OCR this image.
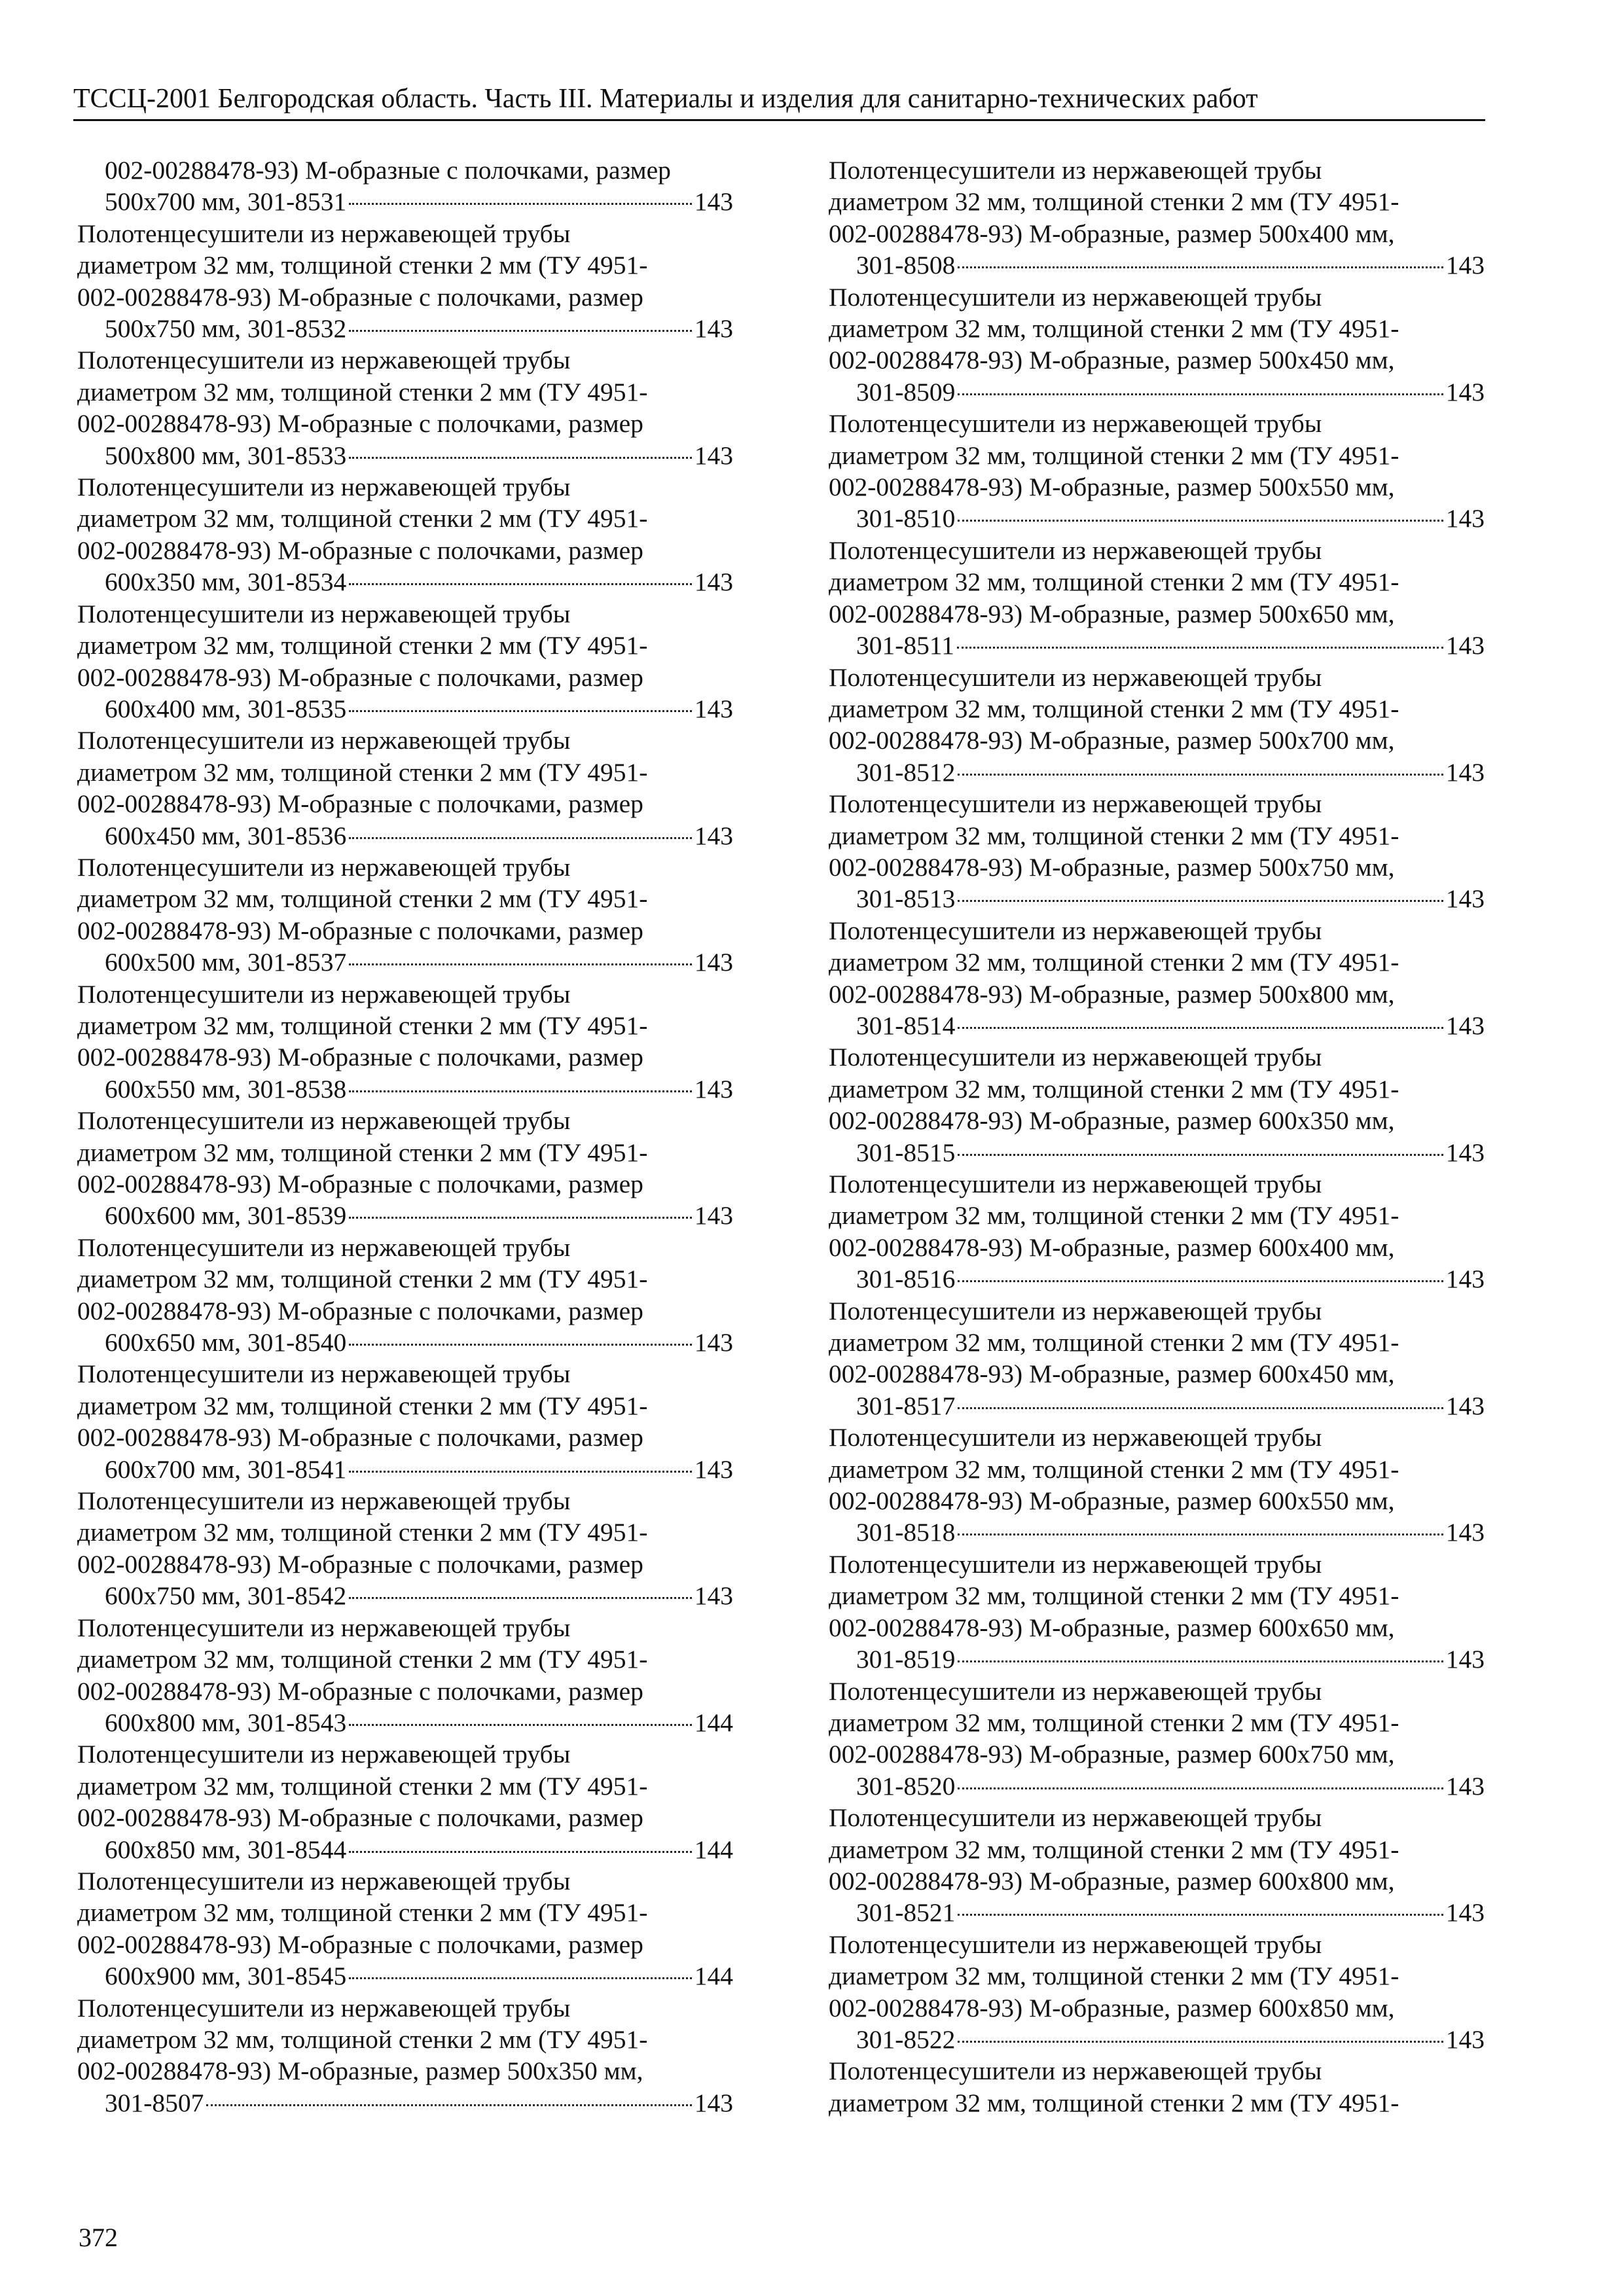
ТССЦ-2001 Белгородская область. Часть III. Материалы и изделия для санитарно-технических работ
002-00288478-93) М-образные с полочками, размер
500х700 мм, 301-8531	143
Полотенцесушители из нержавеющей трубы
диаметром 32 мм, толщиной стенки 2 мм (ТУ 4951-
002-00288478-93) М-образные с полочками, размер
500х750 мм, 301-8532	143
Полотенцесушители из нержавеющей трубы
диаметром 32 мм, толщиной стенки 2 мм (ТУ 4951-
002-00288478-93) М-образные с полочками, размер
500х800 мм, 301-8533	143
Полотенцесушители из нержавеющей трубы
диаметром 32 мм, толщиной стенки 2 мм (ТУ 4951-
002-00288478-93) М-образные с полочками, размер
600х350 мм, 301-8534	143
Полотенцесушители из нержавеющей трубы
диаметром 32 мм, толщиной стенки 2 мм (ТУ 4951-
002-00288478-93) М-образные с полочками, размер
600х400 мм, 301-8535	143
Полотенцесушители из нержавеющей трубы
диаметром 32 мм, толщиной стенки 2 мм (ТУ 4951-
002-00288478-93) М-образные с полочками, размер
600х450 мм, 301-8536	143
Полотенцесушители из нержавеющей трубы
диаметром 32 мм, толщиной стенки 2 мм (ТУ 4951-
002-00288478-93) М-образные с полочками, размер
600х500 мм, 301-8537	143
Полотенцесушители из нержавеющей трубы
диаметром 32 мм, толщиной стенки 2 мм (ТУ 4951-
002-00288478-93) М-образные с полочками, размер
600х550 мм, 301-8538	143
Полотенцесушители из нержавеющей трубы
диаметром 32 мм, толщиной стенки 2 мм (ТУ 4951-
002-00288478-93) М-образные с полочками, размер
600х600 мм, 301-8539	143
Полотенцесушители из нержавеющей трубы
диаметром 32 мм, толщиной стенки 2 мм (ТУ 4951-
002-00288478-93) М-образные с полочками, размер
600х650 мм, 301-8540	143
Полотенцесушители из нержавеющей трубы
диаметром 32 мм, толщиной стенки 2 мм (ТУ 4951-
002-00288478-93) М-образные с полочками, размер
600х700 мм, 301-8541	143
Полотенцесушители из нержавеющей трубы
диаметром 32 мм, толщиной стенки 2 мм (ТУ 4951-
002-00288478-93) М-образные с полочками, размер
600х750 мм, 301-8542	143
Полотенцесушители из нержавеющей трубы
диаметром 32 мм, толщиной стенки 2 мм (ТУ 4951-
002-00288478-93) М-образные с полочками, размер
600х800 мм, 301-8543	144
Полотенцесушители из нержавеющей трубы
диаметром 32 мм, толщиной стенки 2 мм (ТУ 4951-
002-00288478-93) М-образные с полочками, размер
600х850 мм, 301-8544	144
Полотенцесушители из нержавеющей трубы
диаметром 32 мм, толщиной стенки 2 мм (ТУ 4951-
002-00288478-93) М-образные с полочками, размер
600х900 мм, 301-8545	144
Полотенцесушители из нержавеющей трубы
диаметром 32 мм, толщиной стенки 2 мм (ТУ 4951-
002-00288478-93) М-образные, размер 500х350 мм,
301-8507	143
Полотенцесушители из нержавеющей трубы
диаметром 32 мм, толщиной стенки 2 мм (ТУ 4951-
002-00288478-93) М-образные, размер 500х400 мм,
301-8508	143
Полотенцесушители из нержавеющей трубы
диаметром 32 мм, толщиной стенки 2 мм (ТУ 4951-
002-00288478-93) М-образные, размер 500х450 мм,
301-8509	143
Полотенцесушители из нержавеющей трубы
диаметром 32 мм, толщиной стенки 2 мм (ТУ 4951-
002-00288478-93) М-образные, размер 500х550 мм,
301-8510	143
Полотенцесушители из нержавеющей трубы
диаметром 32 мм, толщиной стенки 2 мм (ТУ 4951-
002-00288478-93) М-образные, размер 500х650 мм,
301-8511	143
Полотенцесушители из нержавеющей трубы
диаметром 32 мм, толщиной стенки 2 мм (ТУ 4951-
002-00288478-93) М-образные, размер 500х700 мм,
301-8512	143
Полотенцесушители из нержавеющей трубы
диаметром 32 мм, толщиной стенки 2 мм (ТУ 4951-
002-00288478-93) М-образные, размер 500х750 мм,
301-8513	143
Полотенцесушители из нержавеющей трубы
диаметром 32 мм, толщиной стенки 2 мм (ТУ 4951-
002-00288478-93) М-образные, размер 500х800 мм,
301-8514	143
Полотенцесушители из нержавеющей трубы
диаметром 32 мм, толщиной стенки 2 мм (ТУ 4951-
002-00288478-93) М-образные, размер 600х350 мм,
301-8515	143
Полотенцесушители из нержавеющей трубы
диаметром 32 мм, толщиной стенки 2 мм (ТУ 4951-
002-00288478-93) М-образные, размер 600х400 мм,
301-8516	143
Полотенцесушители из нержавеющей трубы
диаметром 32 мм, толщиной стенки 2 мм (ТУ 4951-
002-00288478-93) М-образные, размер 600х450 мм,
301-8517	143
Полотенцесушители из нержавеющей трубы
диаметром 32 мм, толщиной стенки 2 мм (ТУ 4951-
002-00288478-93) М-образные, размер 600х550 мм,
301-8518	143
Полотенцесушители из нержавеющей трубы
диаметром 32 мм, толщиной стенки 2 мм (ТУ 4951-
002-00288478-93) М-образные, размер 600х650 мм,
301-8519	143
Полотенцесушители из нержавеющей трубы
диаметром 32 мм, толщиной стенки 2 мм (ТУ 4951-
002-00288478-93) М-образные, размер 600х750 мм,
301-8520	143
Полотенцесушители из нержавеющей трубы
диаметром 32 мм, толщиной стенки 2 мм (ТУ 4951-
002-00288478-93) М-образные, размер 600х800 мм,
301-8521	143
Полотенцесушители из нержавеющей трубы
диаметром 32 мм, толщиной стенки 2 мм (ТУ 4951-
002-00288478-93) М-образные, размер 600х850 мм,
301-8522	143
Полотенцесушители из нержавеющей трубы
диаметром 32 мм, толщиной стенки 2 мм (ТУ 4951-
372
